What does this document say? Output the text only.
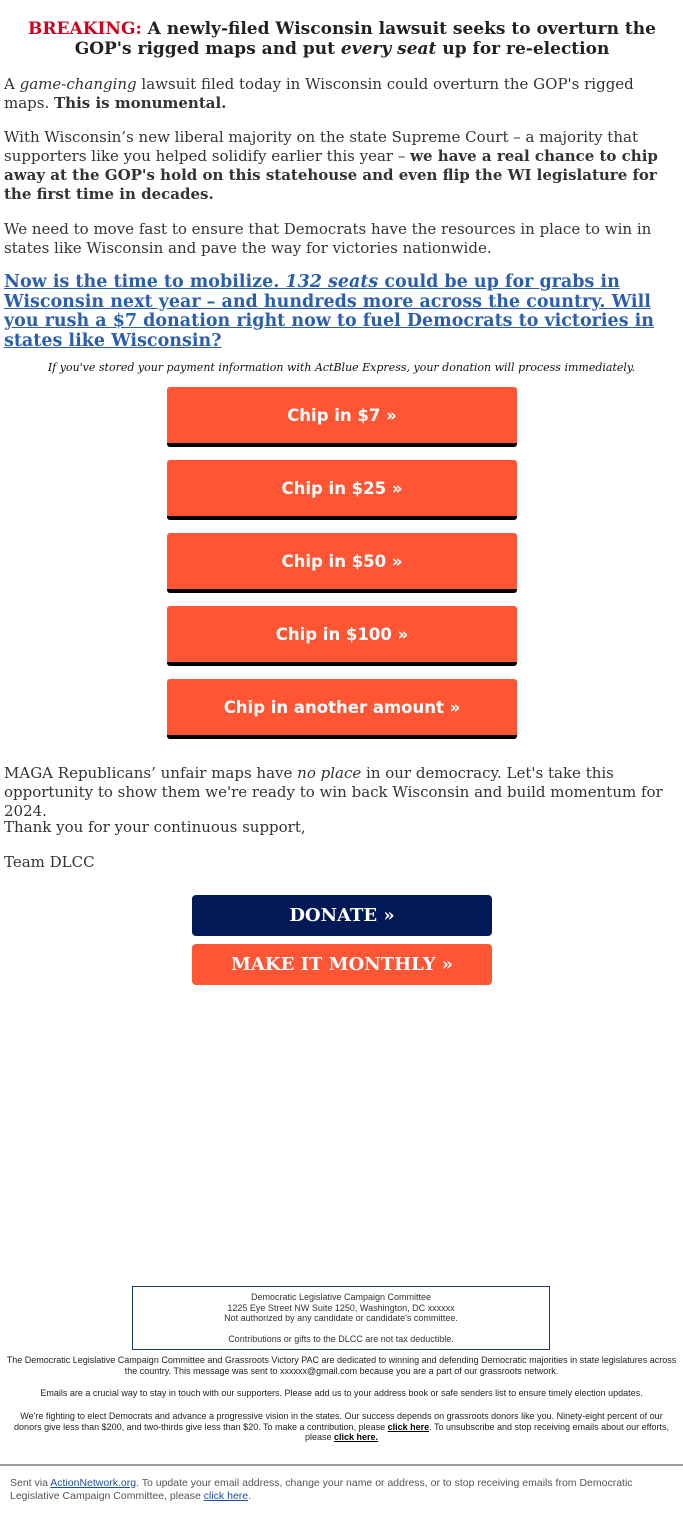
BREAKING: A newly-filed Wisconsin lawsuit seeks to overturn the GOP's rigged maps and put every seat up for re-election

A game-changing lawsuit filed today in Wisconsin could overturn the GOP's rigged maps. This is monumental.

With Wisconsin’s new liberal majority on the state Supreme Court – a majority that supporters like you helped solidify earlier this year – we have a real chance to chip away at the GOP's hold on this statehouse and even flip the WI legislature for the first time in decades.

We need to move fast to ensure that Democrats have the resources in place to win in states like Wisconsin and pave the way for victories nationwide.

Now is the time to mobilize. 132 seats could be up for grabs in Wisconsin next year – and hundreds more across the country. Will you rush a $7 donation right now to fuel Democrats to victories in states like Wisconsin?

If you've stored your payment information with ActBlue Express, your donation will process immediately.
Chip in $7 »
Chip in $25 »
Chip in $50 »
Chip in $100 »
Chip in another amount »

MAGA Republicans’ unfair maps have no place in our democracy. Let's take this opportunity to show them we're ready to win back Wisconsin and build momentum for 2024.

Thank you for your continuous support,

Team DLCC

DONATE »
MAKE IT MONTHLY »
Democratic Legislative Campaign Committee
1225 Eye Street NW Suite 1250, Washington, DC xxxxxx
Not authorized by any candidate or candidate's committee.
Contributions or gifts to the DLCC are not tax deductible.

The Democratic Legislative Campaign Committee and Grassroots Victory PAC are dedicated to winning and defending Democratic majorities in state legislatures across the country. This message was sent to xxxxxx@gmail.com because you are a part of our grassroots network.

Emails are a crucial way to stay in touch with our supporters. Please add us to your address book or safe senders list to ensure timely election updates.

We're fighting to elect Democrats and advance a progressive vision in the states. Our success depends on grassroots donors like you. Ninety-eight percent of our donors give less than $200, and two-thirds give less than $20. To make a contribution, please click here. To unsubscribe and stop receiving emails about our efforts, please click here.

Sent via ActionNetwork.org. To update your email address, change your name or address, or to stop receiving emails from Democratic Legislative Campaign Committee, please click here.
